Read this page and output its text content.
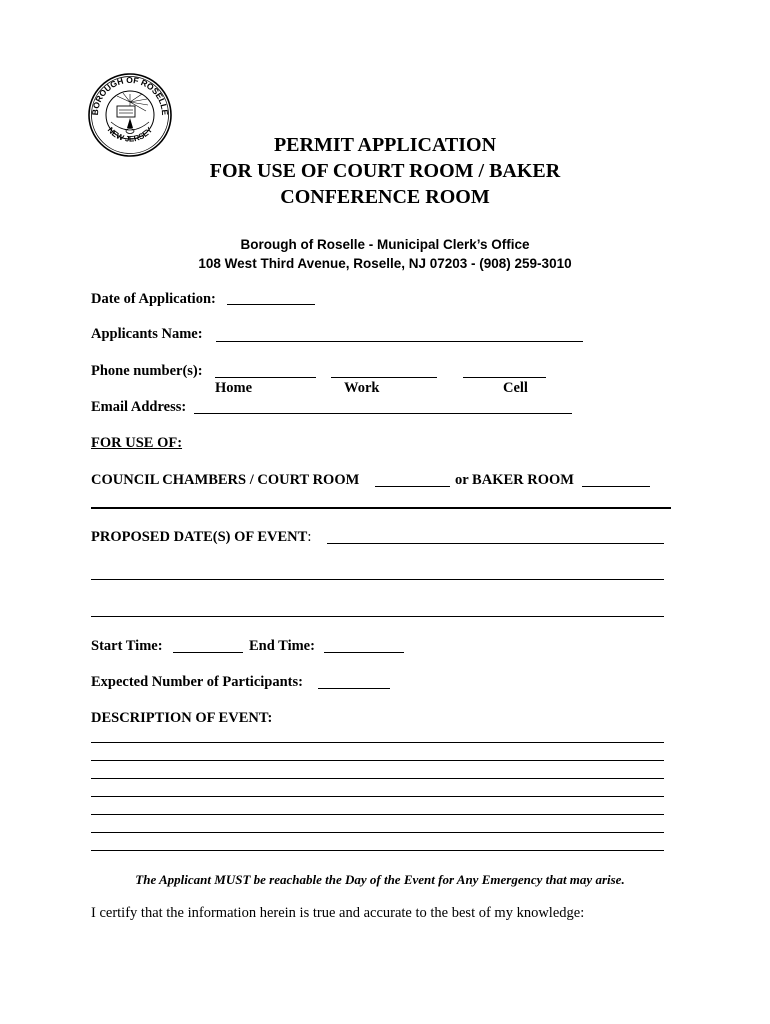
BOROUGH OF ROSELLE
NEW JERSEY
PERMIT APPLICATION
FOR USE OF COURT ROOM / BAKER
CONFERENCE ROOM
Borough of Roselle - Municipal Clerk’s Office
108 West Third Avenue, Roselle, NJ 07203 - (908) 259-3010
Date of Application:
Applicants Name:
Phone number(s):
Home	Work	Cell
Email Address:
FOR USE OF:
COUNCIL CHAMBERS / COURT ROOM	or BAKER ROOM
PROPOSED DATE(S) OF EVENT:
Start Time:	End Time:
Expected Number of Participants:
DESCRIPTION OF EVENT:
The Applicant MUST be reachable the Day of the Event for Any Emergency that may arise.
I certify that the information herein is true and accurate to the best of my knowledge:
